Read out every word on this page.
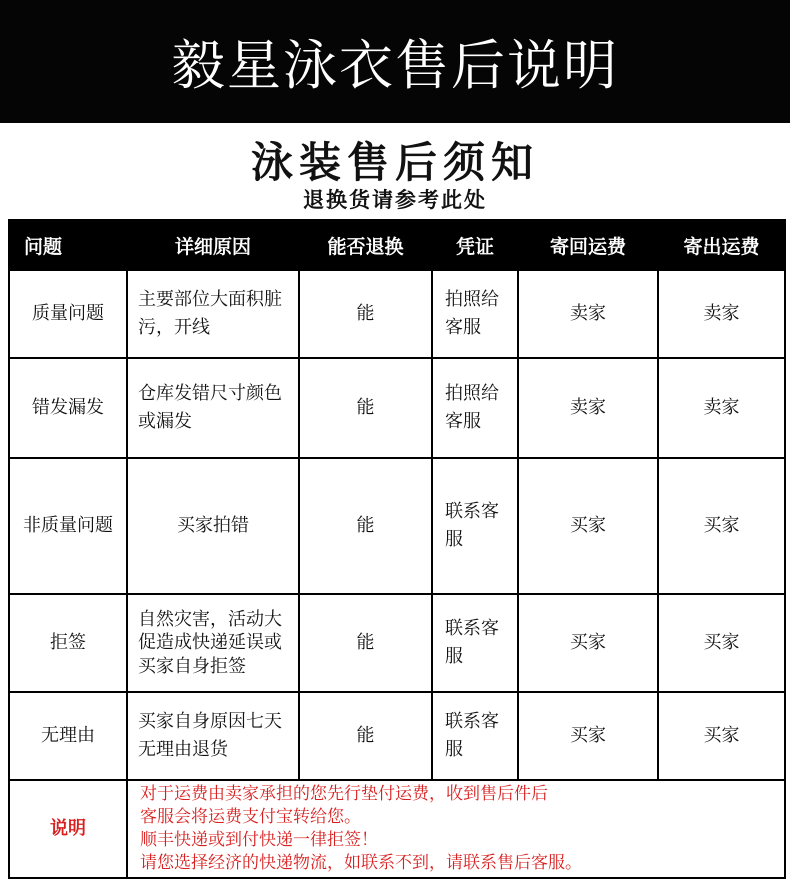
毅星泳衣售后说明
泳装售后须知
退换货请参考此处
问题	详细原因	能否退换	凭证	寄回运费	寄出运费
质量问题	主要部位大面积脏污，开线	能	拍照给客服	卖家	卖家
错发漏发	仓库发错尺寸颜色或漏发	能	拍照给客服	卖家	卖家
非质量问题	买家拍错	能	联系客服	买家	买家
拒签	自然灾害，活动大促造成快递延误或买家自身拒签	能	联系客服	买家	买家
无理由	买家自身原因七天无理由退货	能	联系客服	买家	买家
说明	对于运费由卖家承担的您先行垫付运费，收到售后件后
客服会将运费支付宝转给您。
顺丰快递或到付快递一律拒签！
请您选择经济的快递物流，如联系不到，请联系售后客服。				
